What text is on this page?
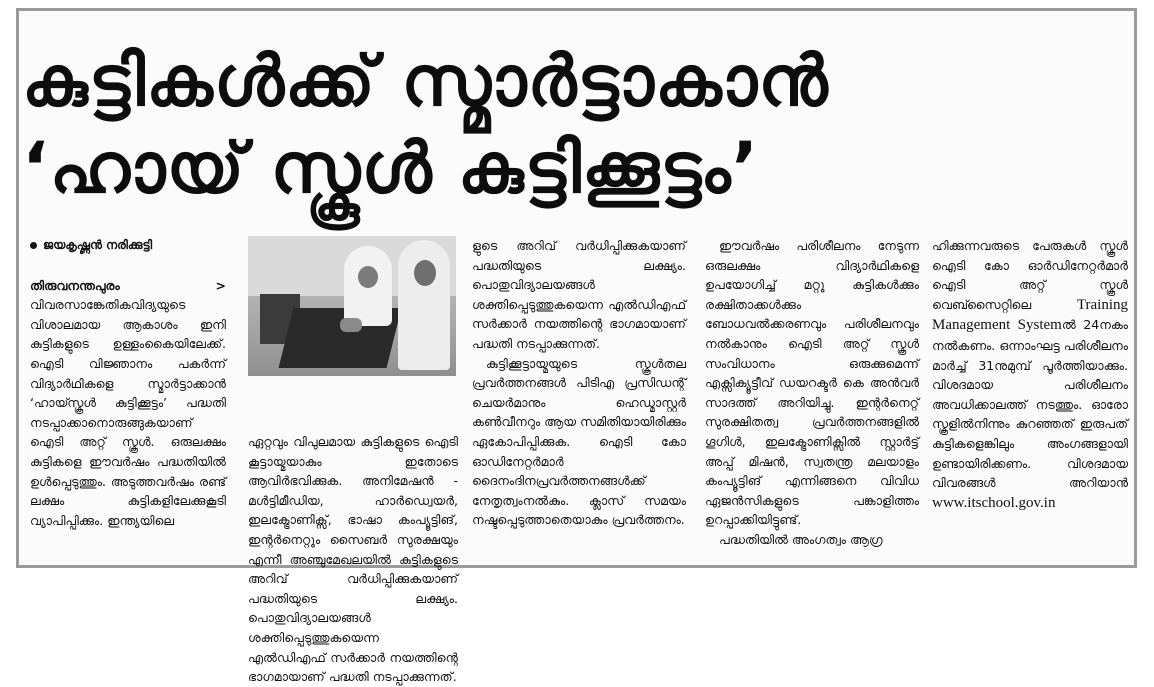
കുട്ടികൾക്ക് സ്മാർട്ടാകാൻ
‘ഹായ് സ്കൂൾ കുട്ടിക്കൂട്ടം’

ജയകൃഷ്ണൻ നരിക്കുട്ടി

തിരുവനന്തപുരം > വിവരസാങ്കേതികവിദ്യയുടെ വിശാലമായ ആകാശം ഇനി കുട്ടികളുടെ ഉള്ളംകൈയിലേക്ക്. ഐടി വിജ്ഞാനം പകർന്ന് വിദ്യാർഥികളെ സ്മാർട്ടാക്കാൻ ‘ഹായ്സ്കൂൾ കുട്ടിക്കൂട്ടം’ പദ്ധതി നടപ്പാക്കാനൊരുങ്ങുകയാണ് ഐടി അറ്റ് സ്കൂൾ. ഒരുലക്ഷം കുട്ടികളെ ഈവർഷം പദ്ധതിയിൽ ഉൾപ്പെടുത്തും. അടുത്തവർഷം രണ്ട് ലക്ഷം കുട്ടികളിലേക്കുകൂടി വ്യാപിപ്പിക്കും. ഇന്ത്യയിലെ

ഏറ്റവും വിപുലമായ കുട്ടികളുടെ ഐടി കൂട്ടായ്മയാകും ഇതോടെ ആവിർഭവിക്കുക. അനിമേഷൻ - മൾട്ടിമീഡിയ, ഹാർഡ്വെയർ, ഇലക്ട്രോണിക്സ്, ഭാഷാ കംപ്യൂട്ടിങ്, ഇന്റർനെറ്റും സൈബർ സുരക്ഷയും എന്നീ അഞ്ചുമേഖലയിൽ കുട്ടികളുടെ അറിവ് വർധിപ്പിക്കുകയാണ് പദ്ധതിയുടെ ലക്ഷ്യം. പൊതുവിദ്യാലയങ്ങൾ ശക്തിപ്പെടുത്തുകയെന്ന എൽഡിഎഫ് സർക്കാർ നയത്തിന്റെ ഭാഗമായാണ് പദ്ധതി നടപ്പാക്കുന്നത്.

ളുടെ അറിവ് വർധിപ്പിക്കുകയാണ് പദ്ധതിയുടെ ലക്ഷ്യം. പൊതുവിദ്യാലയങ്ങൾ ശക്തിപ്പെടുത്തുകയെന്ന എൽഡിഎഫ് സർക്കാർ നയത്തിന്റെ ഭാഗമായാണ് പദ്ധതി നടപ്പാക്കുന്നത്.

കുട്ടിക്കൂട്ടായ്മയുടെ സ്കൂൾതല പ്രവർത്തനങ്ങൾ പിടിഎ പ്രസിഡന്റ് ചെയർമാനും ഹെഡ്മാസ്റ്റർ കൺവീനറും ആയ സമിതിയായിരിക്കും ഏകോപിപ്പിക്കുക. ഐടി കോ ഓഡിനേറ്റർമാർ ദൈനംദിനപ്രവർത്തനങ്ങൾക്ക് നേതൃത്വംനൽകും. ക്ലാസ് സമയം നഷ്ടപ്പെടുത്താതെയാകും പ്രവർത്തനം.

ഈവർഷം പരിശീലനം നേടുന്ന ഒരുലക്ഷം വിദ്യാർഥികളെ ഉപയോഗിച്ച് മറ്റു കുട്ടികൾക്കും രക്ഷിതാക്കൾക്കും ബോധവൽക്കരണവും പരിശീലനവും നൽകാനും ഐടി അറ്റ് സ്കൂൾ സംവിധാനം ഒരുക്കുമെന്ന് എക്സിക്യൂട്ടീവ് ഡയറക്ടർ കെ അൻവർ സാദത്ത് അറിയിച്ചു. ഇന്റർനെറ്റ് സുരക്ഷിതത്വ പ്രവർത്തനങ്ങളിൽ ഗൂഗിൾ, ഇലക്ട്രോണിക്സിൽ സ്റ്റാർട്ട് അപ്പ് മിഷൻ, സ്വതന്ത്ര മലയാളം കംപ്യൂട്ടിങ് എന്നിങ്ങനെ വിവിധ ഏജൻസികളുടെ പങ്കാളിത്തം ഉറപ്പാക്കിയിട്ടുണ്ട്.

പദ്ധതിയിൽ അംഗത്വം ആഗ്ര

ഹിക്കുന്നവരുടെ പേരുകൾ സ്കൂൾ ഐടി കോ ഓർഡിനേറ്റർമാർ ഐടി അറ്റ് സ്കൂൾ വെബ്സൈറ്റിലെ Training Management Systemൽ 24നകം നൽകണം. ഒന്നാംഘട്ട പരിശീലനം മാർച്ച് 31നുമുമ്പ് പൂർത്തിയാക്കും. വിശദമായ പരിശീലനം അവധിക്കാലത്ത് നടത്തും. ഓരോ സ്കൂളിൽനിന്നും കുറഞ്ഞത് ഇരുപത് കുട്ടികളെങ്കിലും അംഗങ്ങളായി ഉണ്ടായിരിക്കണം. വിശദമായ വിവരങ്ങൾ അറിയാൻ www.itschool.gov.in
